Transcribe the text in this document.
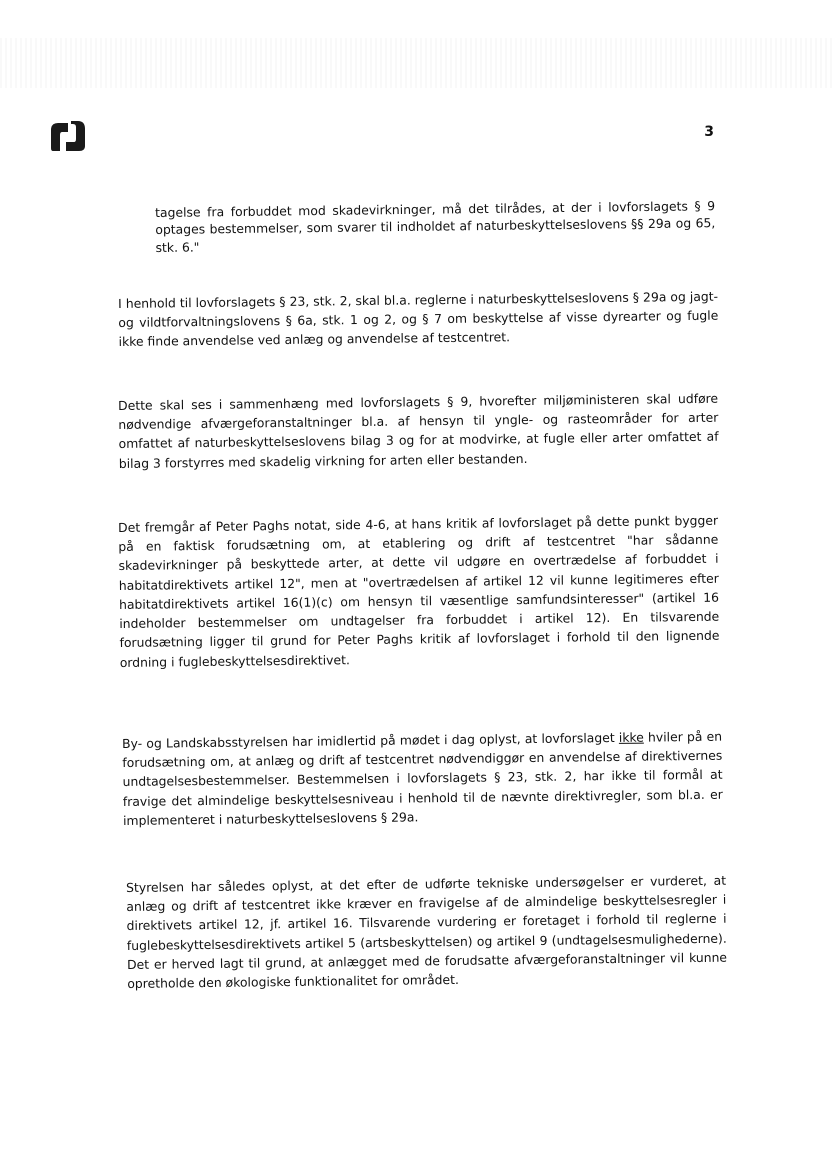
3
tagelse fra forbuddet mod skadevirkninger, må det tilrådes, at der i lovforslagets § 9 optages bestemmelser, som svarer til indholdet af naturbeskyttelseslovens §§ 29a og 65, stk. 6."
I henhold til lovforslagets § 23, stk. 2, skal bl.a. reglerne i naturbeskyttelseslovens § 29a og jagt- og vildtforvaltningslovens § 6a, stk. 1 og 2, og § 7 om beskyttelse af visse dyrearter og fugle ikke finde anvendelse ved anlæg og anvendelse af testcentret.
Dette skal ses i sammenhæng med lovforslagets § 9, hvorefter miljøministeren skal udføre nødvendige afværgeforanstaltninger bl.a. af hensyn til yngle- og rasteområder for arter omfattet af naturbeskyttelseslovens bilag 3 og for at modvirke, at fugle eller arter omfattet af bilag 3 forstyrres med skadelig virkning for arten eller bestanden.
Det fremgår af Peter Paghs notat, side 4-6, at hans kritik af lovforslaget på dette punkt bygger på en faktisk forudsætning om, at etablering og drift af testcentret "har sådanne skadevirkninger på beskyttede arter, at dette vil udgøre en overtrædelse af forbuddet i habitatdirektivets artikel 12", men at "overtrædelsen af artikel 12 vil kunne legitimeres efter habitatdirektivets artikel 16(1)(c) om hensyn til væsentlige samfundsinteresser" (artikel 16 indeholder bestemmelser om undtagelser fra forbuddet i artikel 12). En tilsvarende forudsætning ligger til grund for Peter Paghs kritik af lovforslaget i forhold til den lignende ordning i fuglebeskyttelsesdirektivet.
By- og Landskabsstyrelsen har imidlertid på mødet i dag oplyst, at lovforslaget ikke hviler på en forudsætning om, at anlæg og drift af testcentret nødvendiggør en anvendelse af direktivernes undtagelsesbestemmelser. Bestemmelsen i lovforslagets § 23, stk. 2, har ikke til formål at fravige det almindelige beskyttelsesniveau i henhold til de nævnte direktivregler, som bl.a. er implementeret i naturbeskyttelseslovens § 29a.
Styrelsen har således oplyst, at det efter de udførte tekniske undersøgelser er vurderet, at anlæg og drift af testcentret ikke kræver en fravigelse af de almindelige beskyttelsesregler i direktivets artikel 12, jf. artikel 16. Tilsvarende vurdering er foretaget i forhold til reglerne i fuglebeskyttelsesdirektivets artikel 5 (artsbeskyttelsen) og artikel 9 (undtagelsesmulighederne). Det er herved lagt til grund, at anlægget med de forudsatte afværgeforanstaltninger vil kunne opretholde den økologiske funktionalitet for området.
